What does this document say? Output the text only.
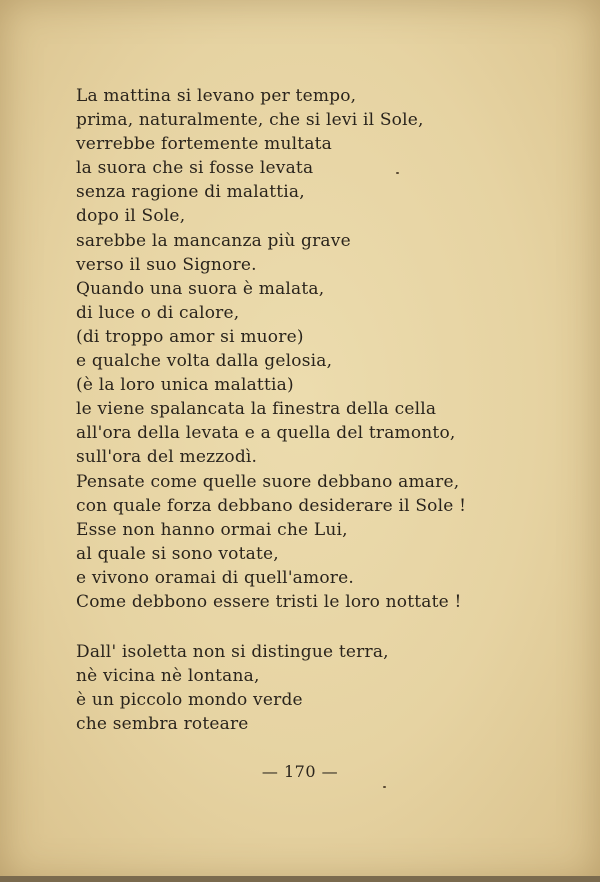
La mattina si levano per tempo,
prima, naturalmente, che si levi il Sole,
verrebbe fortemente multata
la suora che si fosse levata
senza ragione di malattia,
dopo il Sole,
sarebbe la mancanza più grave
verso il suo Signore.
Quando una suora è malata,
di luce o di calore,
(di troppo amor si muore)
e qualche volta dalla gelosia,
(è la loro unica malattia)
le viene spalancata la finestra della cella
all'ora della levata e a quella del tramonto,
sull'ora del mezzodì.
Pensate come quelle suore debbano amare,
con quale forza debbano desiderare il Sole !
Esse non hanno ormai che Lui,
al quale si sono votate,
e vivono oramai di quell'amore.
Come debbono essere tristi le loro nottate !
Dall' isoletta non si distingue terra,
nè vicina nè lontana,
è un piccolo mondo verde
che sembra roteare
— 170 —
